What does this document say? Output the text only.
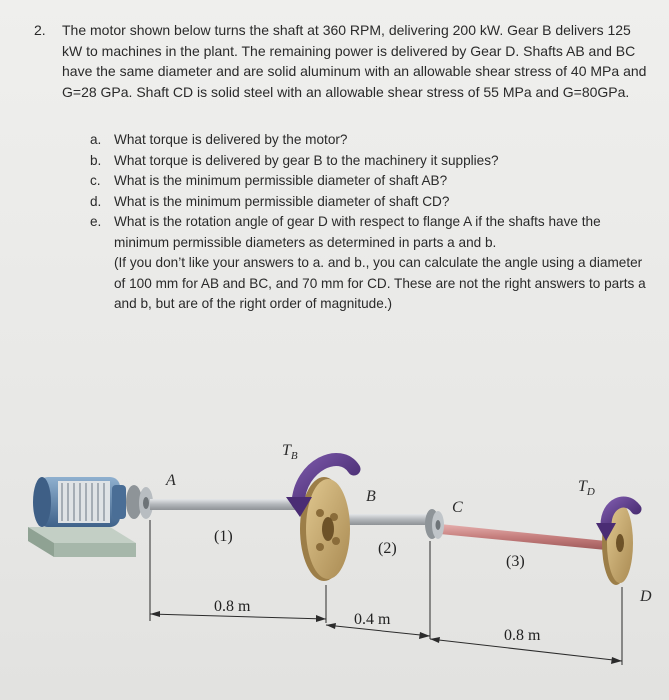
2.	The motor shown below turns the shaft at 360 RPM, delivering 200 kW. Gear B delivers 125 kW to machines in the plant. The remaining power is delivered by Gear D. Shafts AB and BC have the same diameter and are solid aluminum with an allowable shear stress of 40 MPa and G=28 GPa. Shaft CD is solid steel with an allowable shear stress of 55 MPa and G=80GPa.
a. What torque is delivered by the motor?
b. What torque is delivered by gear B to the machinery it supplies?
c. What is the minimum permissible diameter of shaft AB?
d. What is the minimum permissible diameter of shaft CD?
e. What is the rotation angle of gear D with respect to flange A if the shafts have the minimum permissible diameters as determined in parts a and b.
(If you don’t like your answers to a. and b., you can calculate the angle using a diameter of 100 mm for AB and BC, and 70 mm for CD. These are not the right answers to parts a and b, but are of the right order of magnitude.)
A
B
C
D
$T_B$
$T_D$
(1)
(2)
(3)
0.8 m
0.4 m
0.8 m
